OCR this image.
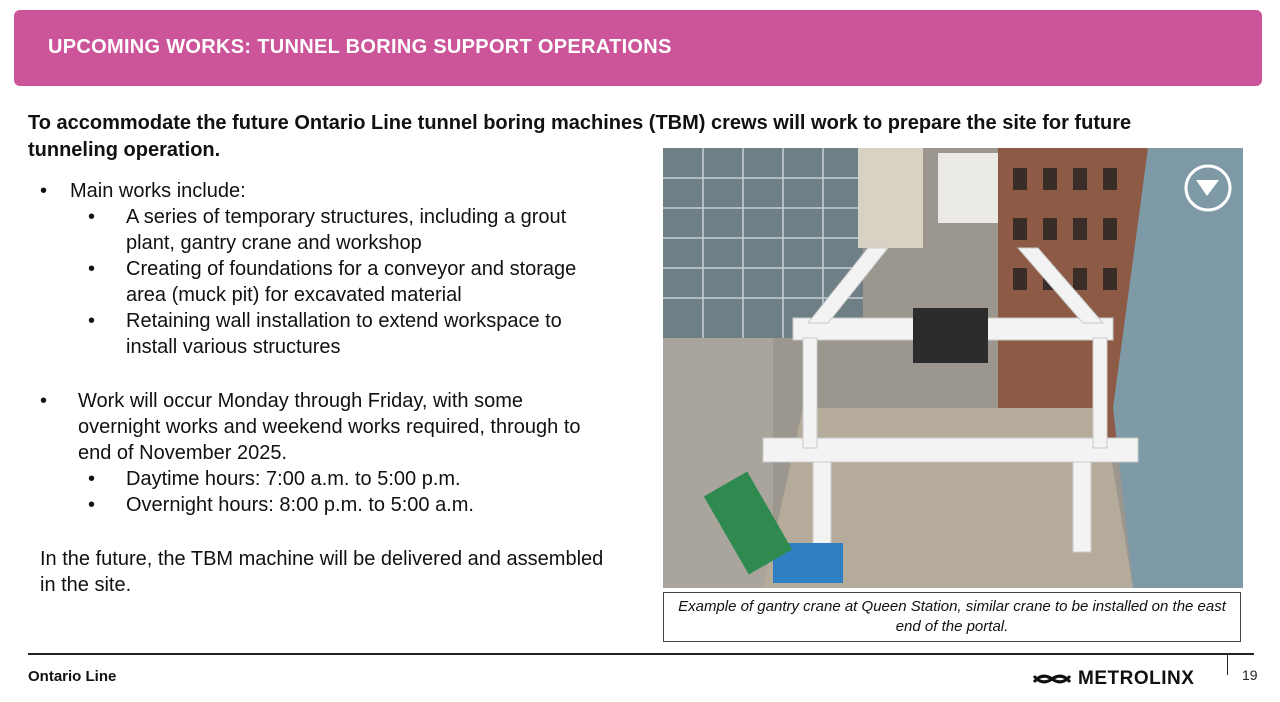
UPCOMING WORKS: TUNNEL BORING SUPPORT OPERATIONS
To accommodate the future Ontario Line tunnel boring machines (TBM) crews will work to prepare the site for future tunneling operation.

• Main works include:

• A series of temporary structures, including a grout plant, gantry crane and workshop

• Creating of foundations for a conveyor and storage area (muck pit) for excavated material

• Retaining wall installation to extend workspace to install various structures

• Work will occur Monday through Friday, with some overnight works and weekend works required, through to end of November 2025.

• Daytime hours: 7:00 a.m. to 5:00 p.m.

• Overnight hours: 8:00 p.m. to 5:00 a.m.

In the future, the TBM machine will be delivered and assembled in the site.

Example of gantry crane at Queen Station, similar crane to be installed on the east end of the portal.
Ontario Line	METROLINX	19
